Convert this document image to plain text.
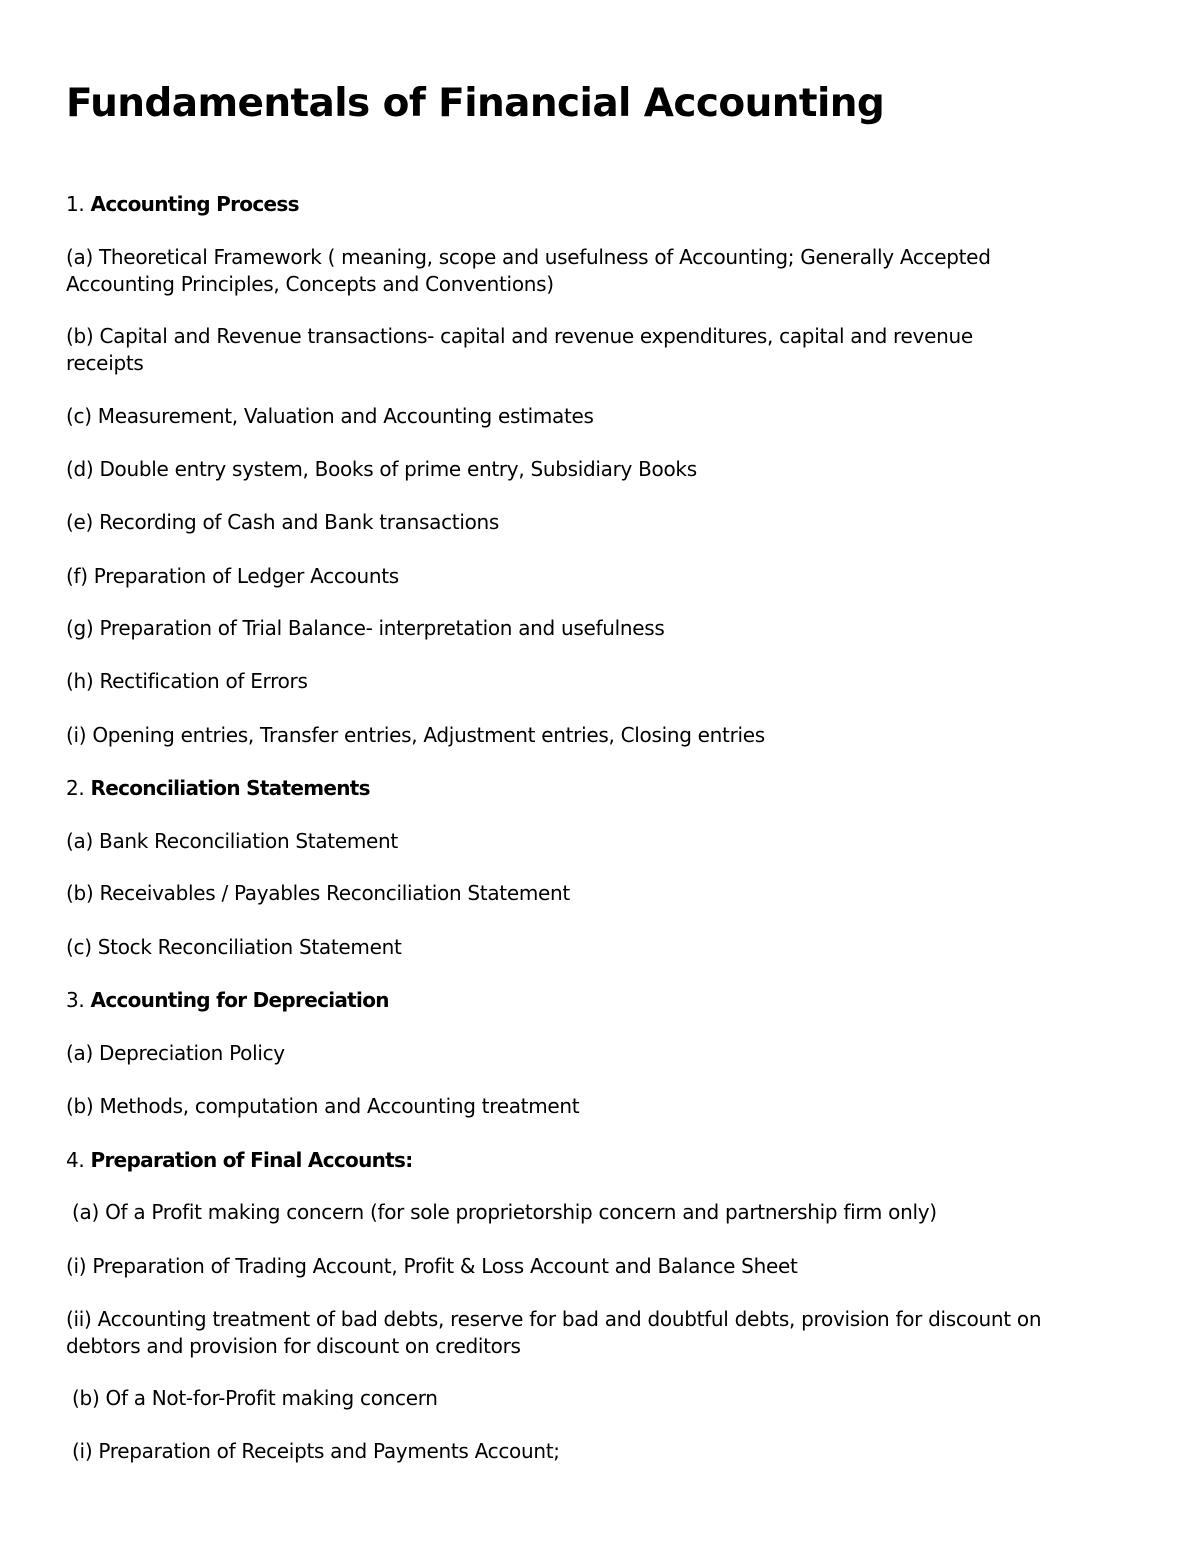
Fundamentals of Financial Accounting

1. Accounting Process

(a) Theoretical Framework ( meaning, scope and usefulness of Accounting; Generally Accepted Accounting Principles, Concepts and Conventions)

(b) Capital and Revenue transactions- capital and revenue expenditures, capital and revenue receipts

(c) Measurement, Valuation and Accounting estimates

(d) Double entry system, Books of prime entry, Subsidiary Books

(e) Recording of Cash and Bank transactions

(f) Preparation of Ledger Accounts

(g) Preparation of Trial Balance- interpretation and usefulness

(h) Rectification of Errors

(i) Opening entries, Transfer entries, Adjustment entries, Closing entries

2. Reconciliation Statements

(a) Bank Reconciliation Statement

(b) Receivables / Payables Reconciliation Statement

(c) Stock Reconciliation Statement

3. Accounting for Depreciation

(a) Depreciation Policy

(b) Methods, computation and Accounting treatment

4. Preparation of Final Accounts:

(a) Of a Profit making concern (for sole proprietorship concern and partnership firm only)

(i) Preparation of Trading Account, Profit & Loss Account and Balance Sheet

(ii) Accounting treatment of bad debts, reserve for bad and doubtful debts, provision for discount on debtors and provision for discount on creditors

(b) Of a Not-for-Profit making concern

(i) Preparation of Receipts and Payments Account;
